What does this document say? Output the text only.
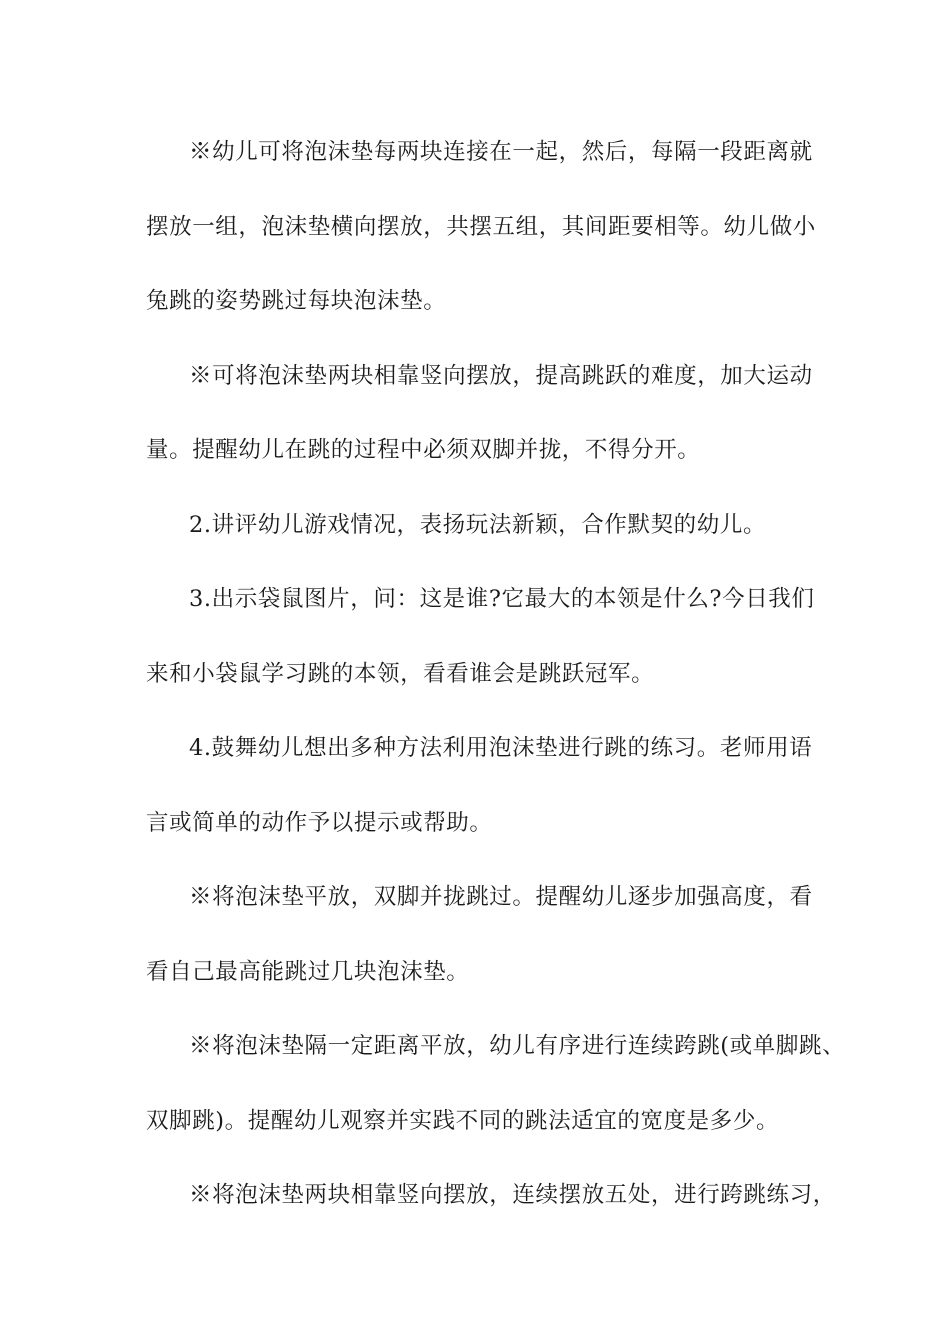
※幼儿可将泡沫垫每两块连接在一起，然后，每隔一段距离就
摆放一组，泡沫垫横向摆放，共摆五组，其间距要相等。幼儿做小
兔跳的姿势跳过每块泡沫垫。
※可将泡沫垫两块相靠竖向摆放，提高跳跃的难度，加大运动
量。提醒幼儿在跳的过程中必须双脚并拢，不得分开。
2.讲评幼儿游戏情况，表扬玩法新颖，合作默契的幼儿。
3.出示袋鼠图片，问：这是谁?它最大的本领是什么?今日我们
来和小袋鼠学习跳的本领，看看谁会是跳跃冠军。
4.鼓舞幼儿想出多种方法利用泡沫垫进行跳的练习。老师用语
言或简单的动作予以提示或帮助。
※将泡沫垫平放，双脚并拢跳过。提醒幼儿逐步加强高度，看
看自己最高能跳过几块泡沫垫。
※将泡沫垫隔一定距离平放，幼儿有序进行连续跨跳(或单脚跳、
双脚跳)。提醒幼儿观察并实践不同的跳法适宜的宽度是多少。
※将泡沫垫两块相靠竖向摆放，连续摆放五处，进行跨跳练习，
